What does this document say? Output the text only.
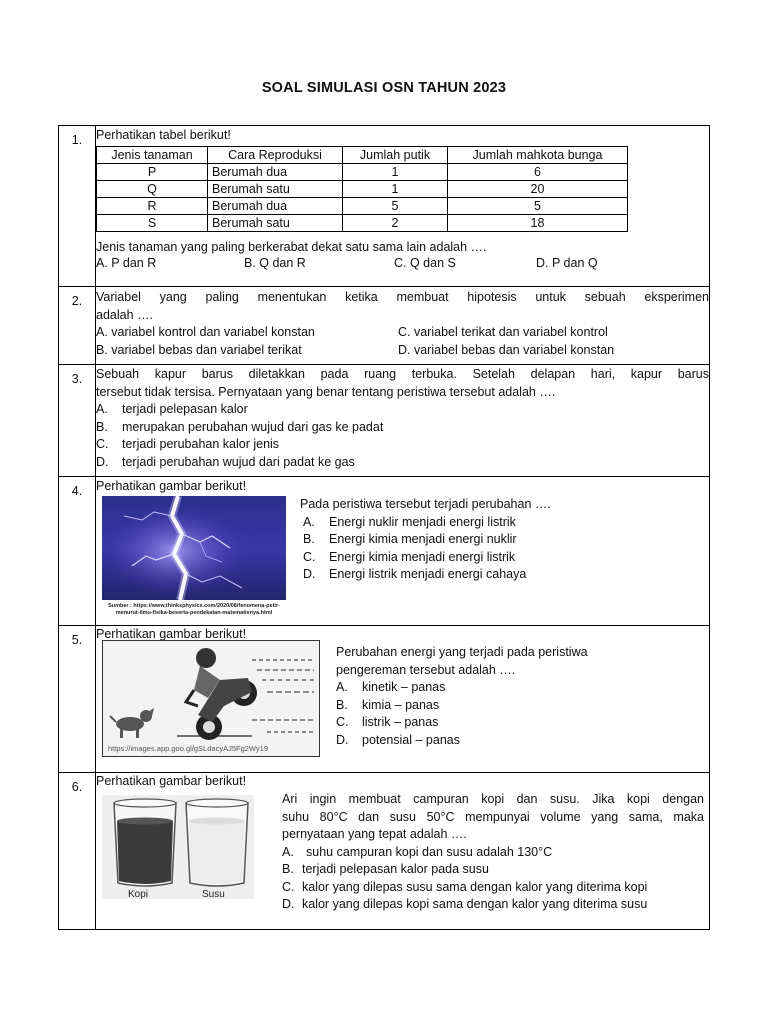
SOAL SIMULASI OSN TAHUN 2023
1.	Perhatikan tabel berikut!
Jenis tanaman	Cara Reproduksi	Jumlah putik	Jumlah mahkota bunga
P	Berumah dua	1	6
Q	Berumah satu	1	20
R	Berumah dua	5	5
S	Berumah satu	2	18
Jenis tanaman yang paling berkerabat dekat satu sama lain adalah ….
A. P dan R	B. Q dan R	C. Q dan S	D. P dan Q

2.	Variabel yang paling menentukan ketika membuat hipotesis untuk sebuah eksperimen
adalah ….
A. variabel kontrol dan variabel konstan	C. variabel terikat dan variabel kontrol
B. variabel bebas dan variabel terikat	D. variabel bebas dan variabel konstan

3.	Sebuah kapur barus diletakkan pada ruang terbuka. Setelah delapan hari, kapur barus
tersebut tidak tersisa. Pernyataan yang benar tentang peristiwa tersebut adalah ….
A. terjadi pelepasan kalor
B. merupakan perubahan wujud dari gas ke padat
C. terjadi perubahan kalor jenis
D. terjadi perubahan wujud dari padat ke gas

4.	Perhatikan gambar berikut!
Sumber : https://www.thinksphysics.com/2020/08/fenomena-petir-
menurut-ilmu-fisika-beserta-pendekatan-matematisnya.html
Pada peristiwa tersebut terjadi perubahan ….
A. Energi nuklir menjadi energi listrik
B. Energi kimia menjadi energi nuklir
C. Energi kimia menjadi energi listrik
D. Energi listrik menjadi energi cahaya

5.	Perhatikan gambar berikut!
https://images.app.goo.gl/gSLdacyAJ5Fg2Wy19
Perubahan energi yang terjadi pada peristiwa
pengereman tersebut adalah ….
A. kinetik – panas
B. kimia – panas
C. listrik – panas
D. potensial – panas

6.	Perhatikan gambar berikut!
Kopi	Susu
Ari ingin membuat campuran kopi dan susu. Jika kopi dengan
suhu 80°C dan susu 50°C mempunyai volume yang sama, maka
pernyataan yang tepat adalah ….
A. suhu campuran kopi dan susu adalah 130°C
B. terjadi pelepasan kalor pada susu
C. kalor yang dilepas susu sama dengan kalor yang diterima kopi
D. kalor yang dilepas kopi sama dengan kalor yang diterima susu
